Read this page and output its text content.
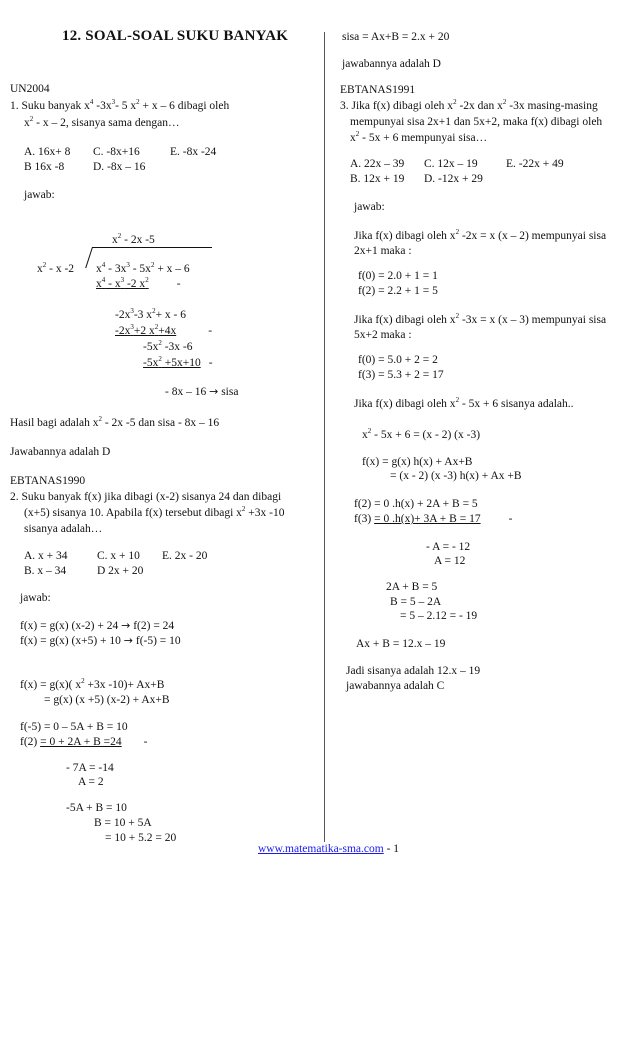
12. SOAL-SOAL SUKU BANYAK
UN2004
1. Suku banyak $x^4$ $-3x^3-$ 5 $x^2 + x - 6$ dibagi oleh
$x^2$ - x – 2, sisanya sama dengan…
A. 16x+ 8 C. -8x+16	E. -8x -24
B 16x -8	D. -8x – 16
jawab:
$x^2 - 2x$ -5
$x^2$ - x -2 $x^4 - 3x^3 - 5x^2 + x - 6$
$x^4 - x^3$ -2 $x^2$ -
$-2x^3-3$ $x^2+ x - 6$
$-2x^3+2$ $x^2+4x$	-
$-5x^2$ -3x -6
$-5x^2 +5x+10$ -
- 8x – 16 → sisa
Hasil bagi adalah $x^2 - 2x$ -5 dan sisa - 8x – 16
Jawabannya adalah D
EBTANAS1990
2. Suku banyak f(x) jika dibagi (x-2) sisanya 24 dan dibagi
(x+5) sisanya 10. Apabila f(x) tersebut dibagi $x^2 +3x$ -10
sisanya adalah…
A. x + 34	C. x + 10 E. 2x - 20
B. x – 34	D 2x + 20
jawab:
f(x) = g(x) (x-2) + 24 → f(2) = 24
f(x) = g(x) (x+5) + 10 → f(-5) = 10
f(x) = g(x)( $x^2 +3x$ -10)+ Ax+B
= g(x) (x +5) (x-2) + Ax+B
f(-5) = 0 – 5A + B = 10
f(2) = 0 + 2A + B =24 -
- 7A = -14
A = 2
-5A + B = 10
B = 10 + 5A
= 10 + 5.2 = 20
sisa = Ax+B = 2.x + 20
jawabannya adalah D
EBTANAS1991
3. Jika f(x) dibagi oleh $x^2$ -2x dan $x^2$ -3x masing-masing
mempunyai sisa 2x+1 dan 5x+2, maka f(x) dibagi oleh
$x^2 - 5x + 6$ mempunyai sisa…
A. 22x – 39 C. 12x – 19 E. -22x + 49
B. 12x + 19 D. -12x + 29
jawab:
Jika f(x) dibagi oleh $x^2$ -2x = x (x – 2) mempunyai sisa
2x+1 maka :
f(0) = 2.0 + 1 = 1
f(2) = 2.2 + 1 = 5
Jika f(x) dibagi oleh $x^2$ -3x = x (x – 3) mempunyai sisa
5x+2 maka :
f(0) = 5.0 + 2 = 2
f(3) = 5.3 + 2 = 17
Jika f(x) dibagi oleh $x^2 - 5x + 6$ sisanya adalah..
$x^2 - 5x + 6 = (x - 2)$ (x -3)
f(x) = g(x) h(x) + Ax+B
= (x - 2) (x -3) h(x) + Ax +B
f(2) = 0 .h(x) + 2A + B = 5
f(3) = 0 .h(x)+ 3A + B = 17 -
- A = - 12
A = 12
2A + B = 5
B = 5 – 2A
= 5 – 2.12 = - 19
Ax + B = 12.x – 19
Jadi sisanya adalah 12.x – 19
jawabannya adalah C
www.matematika-sma.com - 1
